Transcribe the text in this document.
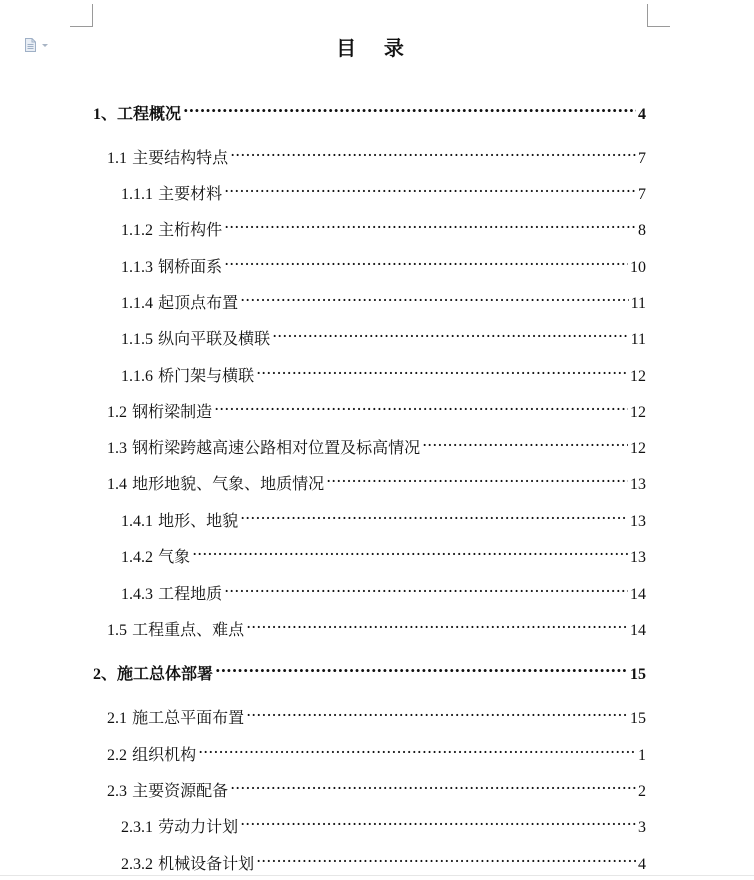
目    录
1、工程概况 .....	4
1.1 主要结构特点 .....	7
1.1.1 主要材料 .....	7
1.1.2 主桁构件 .....	8
1.1.3 钢桥面系 .....	10
1.1.4 起顶点布置 .....	11
1.1.5 纵向平联及横联 .....	11
1.1.6 桥门架与横联 .....	12
1.2 钢桁梁制造 .....	12
1.3 钢桁梁跨越高速公路相对位置及标高情况 .....	12
1.4 地形地貌、气象、地质情况 .....	13
1.4.1 地形、地貌 .....	13
1.4.2 气象 .....	13
1.4.3 工程地质 .....	14
1.5 工程重点、难点 .....	14
2、施工总体部署 .....	15
2.1 施工总平面布置 .....	15
2.2 组织机构 .....	1
2.3 主要资源配备 .....	2
2.3.1 劳动力计划 .....	3
2.3.2 机械设备计划 .....	4
